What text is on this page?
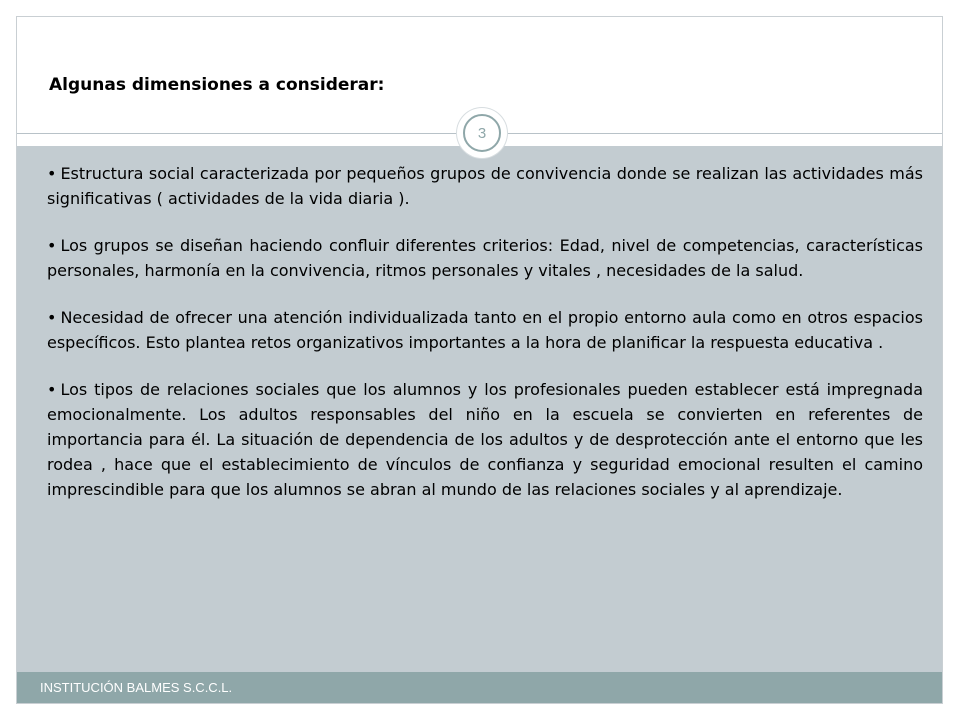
Algunas dimensiones a considerar:
3

• Estructura social caracterizada por pequeños grupos de convivencia donde se realizan las actividades más significativas ( actividades de la vida diaria ).

• Los grupos se diseñan haciendo confluir diferentes criterios: Edad, nivel de competencias, características personales, harmonía en la convivencia, ritmos personales y vitales , necesidades de la salud.

• Necesidad de ofrecer una atención individualizada tanto en el propio entorno aula como en otros espacios específicos. Esto plantea retos organizativos importantes a la hora de planificar la respuesta educativa .

• Los tipos de relaciones sociales que los alumnos y los profesionales pueden establecer está impregnada emocionalmente. Los adultos responsables del niño en la escuela se convierten en referentes de importancia para él. La situación de dependencia de los adultos y de desprotección ante el entorno que les rodea , hace que el establecimiento de vínculos de confianza y seguridad emocional resulten el camino imprescindible para que los alumnos se abran al mundo de las relaciones sociales y al aprendizaje.

INSTITUCIÓN BALMES S.C.C.L.
